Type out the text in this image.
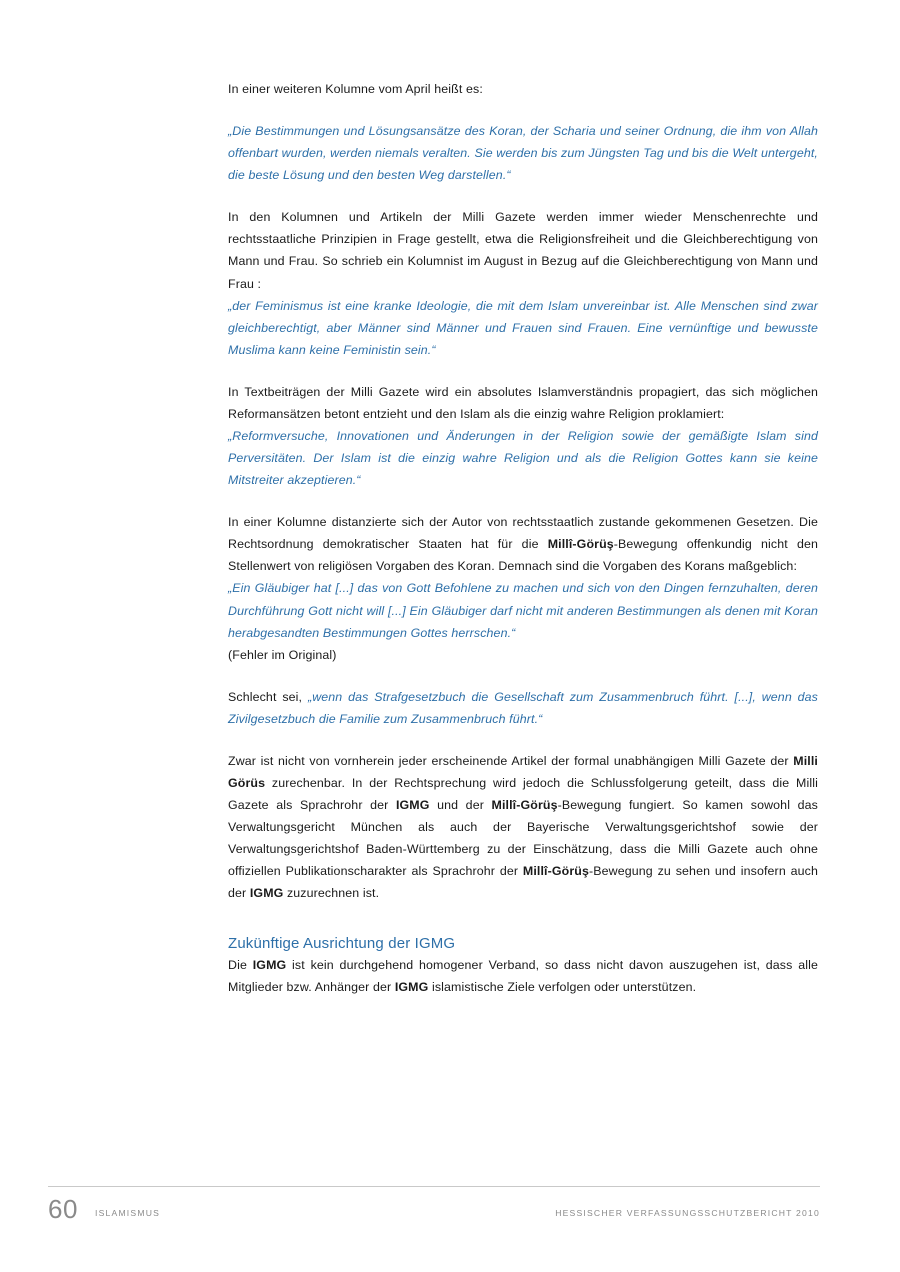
In einer weiteren Kolumne vom April heißt es:

„Die Bestimmungen und Lösungsansätze des Koran, der Scharia und seiner Ordnung, die ihm von Allah offenbart wurden, werden niemals veralten. Sie werden bis zum Jüngsten Tag und bis die Welt untergeht, die beste Lösung und den besten Weg darstellen.“

In den Kolumnen und Artikeln der Milli Gazete werden immer wieder Menschenrechte und rechtsstaatliche Prinzipien in Frage gestellt, etwa die Religionsfreiheit und die Gleichberechtigung von Mann und Frau. So schrieb ein Kolumnist im August in Bezug auf die Gleichberechtigung von Mann und Frau :

„der Feminismus ist eine kranke Ideologie, die mit dem Islam unvereinbar ist. Alle Menschen sind zwar gleichberechtigt, aber Männer sind Männer und Frauen sind Frauen. Eine vernünftige und bewusste Muslima kann keine Feministin sein.“

In Textbeiträgen der Milli Gazete wird ein absolutes Islamverständnis propagiert, das sich möglichen Reformansätzen betont entzieht und den Islam als die einzig wahre Religion proklamiert:

„Reformversuche, Innovationen und Änderungen in der Religion sowie der gemäßigte Islam sind Perversitäten. Der Islam ist die einzig wahre Religion und als die Religion Gottes kann sie keine Mitstreiter akzeptieren.“

In einer Kolumne distanzierte sich der Autor von rechtsstaatlich zustande gekommenen Gesetzen. Die Rechtsordnung demokratischer Staaten hat für die Millî-Görüş-Bewegung offenkundig nicht den Stellenwert von religiösen Vorgaben des Koran. Demnach sind die Vorgaben des Korans maßgeblich:

„Ein Gläubiger hat [...] das von Gott Befohlene zu machen und sich von den Dingen fernzuhalten, deren Durchführung Gott nicht will [...] Ein Gläubiger darf nicht mit anderen Bestimmungen als denen mit Koran herabgesandten Bestimmungen Gottes herrschen.“

(Fehler im Original)

Schlecht sei, „wenn das Strafgesetzbuch die Gesellschaft zum Zusammenbruch führt. [...], wenn das Zivilgesetzbuch die Familie zum Zusammenbruch führt.“

Zwar ist nicht von vornherein jeder erscheinende Artikel der formal unabhängigen Milli Gazete der Milli Görüs zurechenbar. In der Rechtsprechung wird jedoch die Schlussfolgerung geteilt, dass die Milli Gazete als Sprachrohr der IGMG und der Millî-Görüş-Bewegung fungiert. So kamen sowohl das Verwaltungsgericht München als auch der Bayerische Verwaltungsgerichtshof sowie der Verwaltungsgerichtshof Baden-Württemberg zu der Einschätzung, dass die Milli Gazete auch ohne offiziellen Publikationscharakter als Sprachrohr der Millî-Görüş-Bewegung zu sehen und insofern auch der IGMG zuzurechnen ist.

Zukünftige Ausrichtung der IGMG

Die IGMG ist kein durchgehend homogener Verband, so dass nicht davon auszugehen ist, dass alle Mitglieder bzw. Anhänger der IGMG islamistische Ziele verfolgen oder unterstützen.

60 ISLAMISMUS	HESSISCHER VERFASSUNGSSCHUTZBERICHT 2010
